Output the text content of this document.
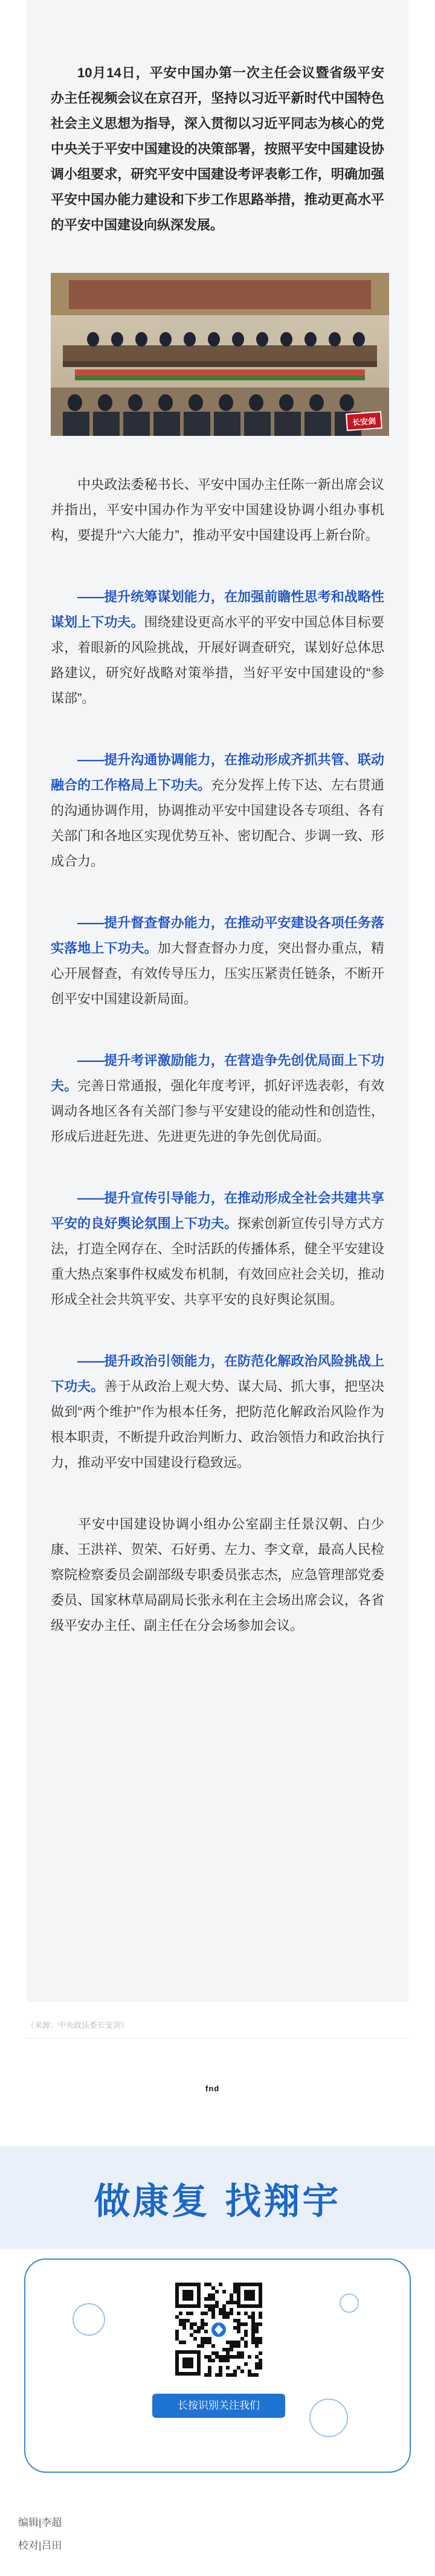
10月14日，平安中国办第一次主任会议暨省级平安办主任视频会议在京召开，坚持以习近平新时代中国特色社会主义思想为指导，深入贯彻以习近平同志为核心的党中央关于平安中国建设的决策部署，按照平安中国建设协调小组要求，研究平安中国建设考评表彰工作，明确加强平安中国办能力建设和下步工作思路举措，推动更高水平的平安中国建设向纵深发展。

长安剑

中央政法委秘书长、平安中国办主任陈一新出席会议并指出，平安中国办作为平安中国建设协调小组办事机构，要提升“六大能力”，推动平安中国建设再上新台阶。

——提升统筹谋划能力，在加强前瞻性思考和战略性谋划上下功夫。围绕建设更高水平的平安中国总体目标要求，着眼新的风险挑战，开展好调查研究，谋划好总体思路建议，研究好战略对策举措，当好平安中国建设的“参谋部”。

——提升沟通协调能力，在推动形成齐抓共管、联动融合的工作格局上下功夫。充分发挥上传下达、左右贯通的沟通协调作用，协调推动平安中国建设各专项组、各有关部门和各地区实现优势互补、密切配合、步调一致、形成合力。

——提升督查督办能力，在推动平安建设各项任务落实落地上下功夫。加大督查督办力度，突出督办重点，精心开展督查，有效传导压力，压实压紧责任链条，不断开创平安中国建设新局面。

——提升考评激励能力，在营造争先创优局面上下功夫。完善日常通报，强化年度考评，抓好评选表彰，有效调动各地区各有关部门参与平安建设的能动性和创造性，形成后进赶先进、先进更先进的争先创优局面。

——提升宣传引导能力，在推动形成全社会共建共享平安的良好舆论氛围上下功夫。探索创新宣传引导方式方法，打造全网存在、全时活跃的传播体系，健全平安建设重大热点案事件权威发布机制，有效回应社会关切，推动形成全社会共筑平安、共享平安的良好舆论氛围。

——提升政治引领能力，在防范化解政治风险挑战上下功夫。善于从政治上观大势、谋大局、抓大事，把坚决做到“两个维护”作为根本任务，把防范化解政治风险作为根本职责，不断提升政治判断力、政治领悟力和政治执行力，推动平安中国建设行稳致远。

平安中国建设协调小组办公室副主任景汉朝、白少康、王洪祥、贺荣、石好勇、左力、李文章，最高人民检察院检察委员会副部级专职委员张志杰，应急管理部党委委员、国家林草局副局长张永利在主会场出席会议，各省级平安办主任、副主任在分会场参加会议。

（来源：中央政法委长安剑）
fnd
做康复 找翔宇
长按识别关注我们
编辑|李超
校对|吕田
